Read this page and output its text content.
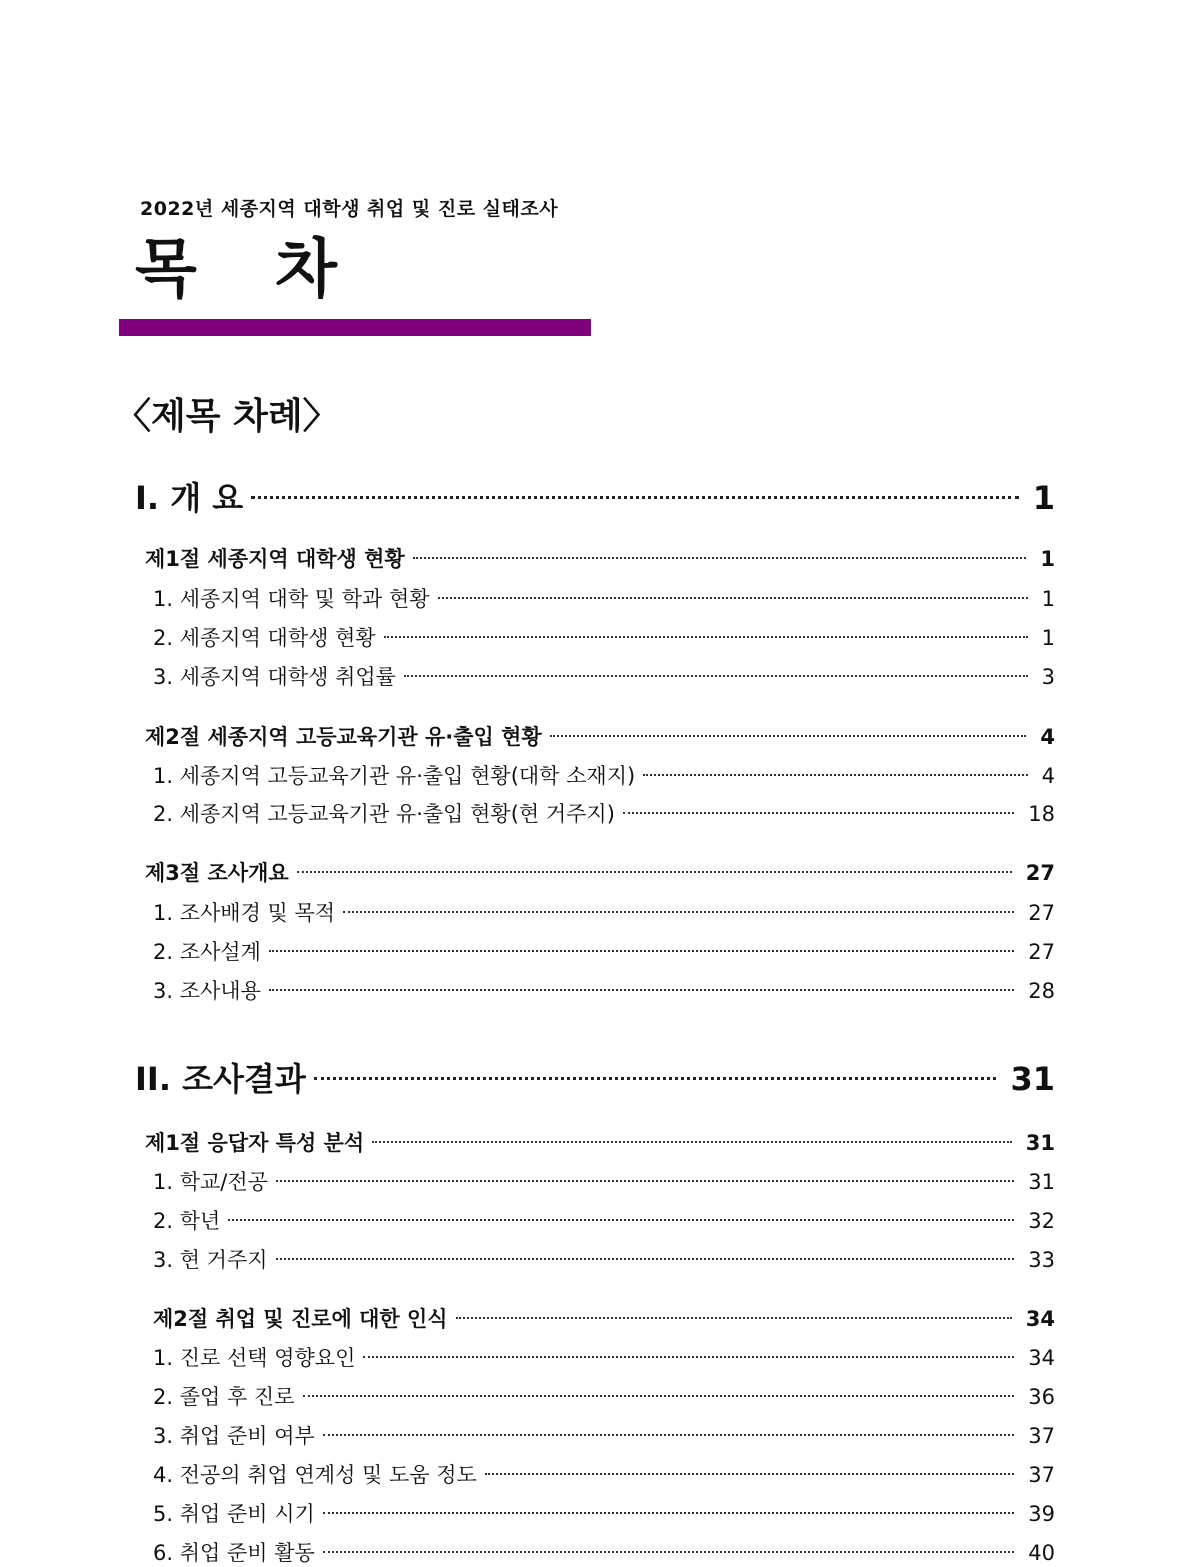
2022년 세종지역 대학생 취업 및 진로 실태조사
목 차
〈제목 차례〉
I. 개 요	1
제1절 세종지역 대학생 현황	1
1. 세종지역 대학 및 학과 현황	1
2. 세종지역 대학생 현황	1
3. 세종지역 대학생 취업률	3
제2절 세종지역 고등교육기관 유·출입 현황	4
1. 세종지역 고등교육기관 유·출입 현황(대학 소재지)	4
2. 세종지역 고등교육기관 유·출입 현황(현 거주지)	18
제3절 조사개요	27
1. 조사배경 및 목적	27
2. 조사설계	27
3. 조사내용	28
II. 조사결과	31
제1절 응답자 특성 분석	31
1. 학교/전공	31
2. 학년	32
3. 현 거주지	33
제2절 취업 및 진로에 대한 인식	34
1. 진로 선택 영향요인	34
2. 졸업 후 진로	36
3. 취업 준비 여부	37
4. 전공의 취업 연계성 및 도움 정도	37
5. 취업 준비 시기	39
6. 취업 준비 활동	40
